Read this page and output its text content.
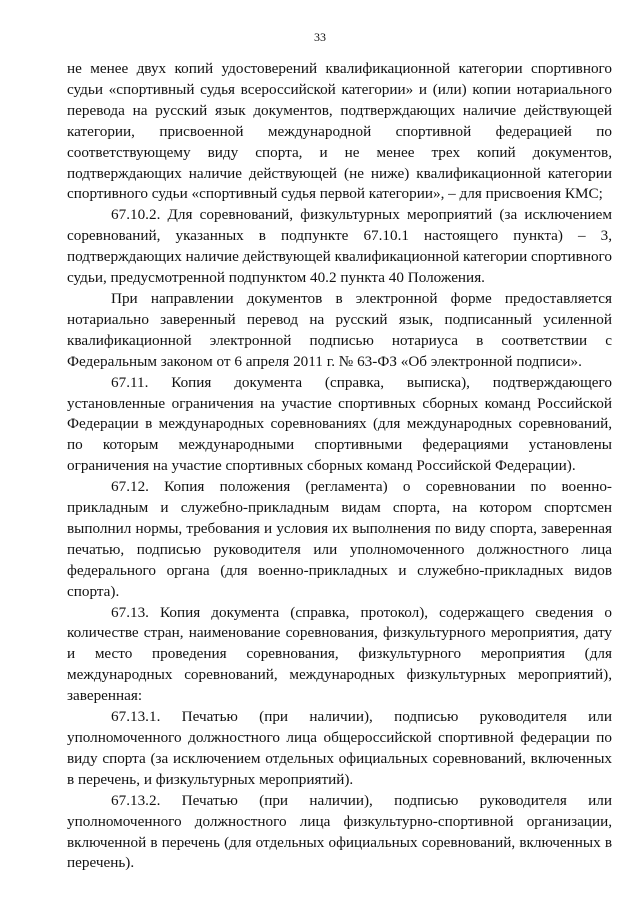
33

не менее двух копий удостоверений квалификационной категории спортивного судьи «спортивный судья всероссийской категории» и (или) копии нотариального перевода на русский язык документов, подтверждающих наличие действующей категории, присвоенной международной спортивной федерацией по соответствующему виду спорта, и не менее трех копий документов, подтверждающих наличие действующей (не ниже) квалификационной категории спортивного судьи «спортивный судья первой категории», – для присвоения КМС;

67.10.2. Для соревнований, физкультурных мероприятий (за исключением соревнований, указанных в подпункте 67.10.1 настоящего пункта) – 3, подтверждающих наличие действующей квалификационной категории спортивного судьи, предусмотренной подпунктом 40.2 пункта 40 Положения.

При направлении документов в электронной форме предоставляется нотариально заверенный перевод на русский язык, подписанный усиленной квалификационной электронной подписью нотариуса в соответствии с Федеральным законом от 6 апреля 2011 г. № 63-ФЗ «Об электронной подписи».

67.11. Копия документа (справка, выписка), подтверждающего установленные ограничения на участие спортивных сборных команд Российской Федерации в международных соревнованиях (для международных соревнований, по которым международными спортивными федерациями установлены ограничения на участие спортивных сборных команд Российской Федерации).

67.12. Копия положения (регламента) о соревновании по военно-прикладным и служебно-прикладным видам спорта, на котором спортсмен выполнил нормы, требования и условия их выполнения по виду спорта, заверенная печатью, подписью руководителя или уполномоченного должностного лица федерального органа (для военно-прикладных и служебно-прикладных видов спорта).

67.13. Копия документа (справка, протокол), содержащего сведения о количестве стран, наименование соревнования, физкультурного мероприятия, дату и место проведения соревнования, физкультурного мероприятия (для международных соревнований, международных физкультурных мероприятий), заверенная:

67.13.1. Печатью (при наличии), подписью руководителя или уполномоченного должностного лица общероссийской спортивной федерации по виду спорта (за исключением отдельных официальных соревнований, включенных в перечень, и физкультурных мероприятий).

67.13.2. Печатью (при наличии), подписью руководителя или уполномоченного должностного лица физкультурно-спортивной организации, включенной в перечень (для отдельных официальных соревнований, включенных в перечень).
